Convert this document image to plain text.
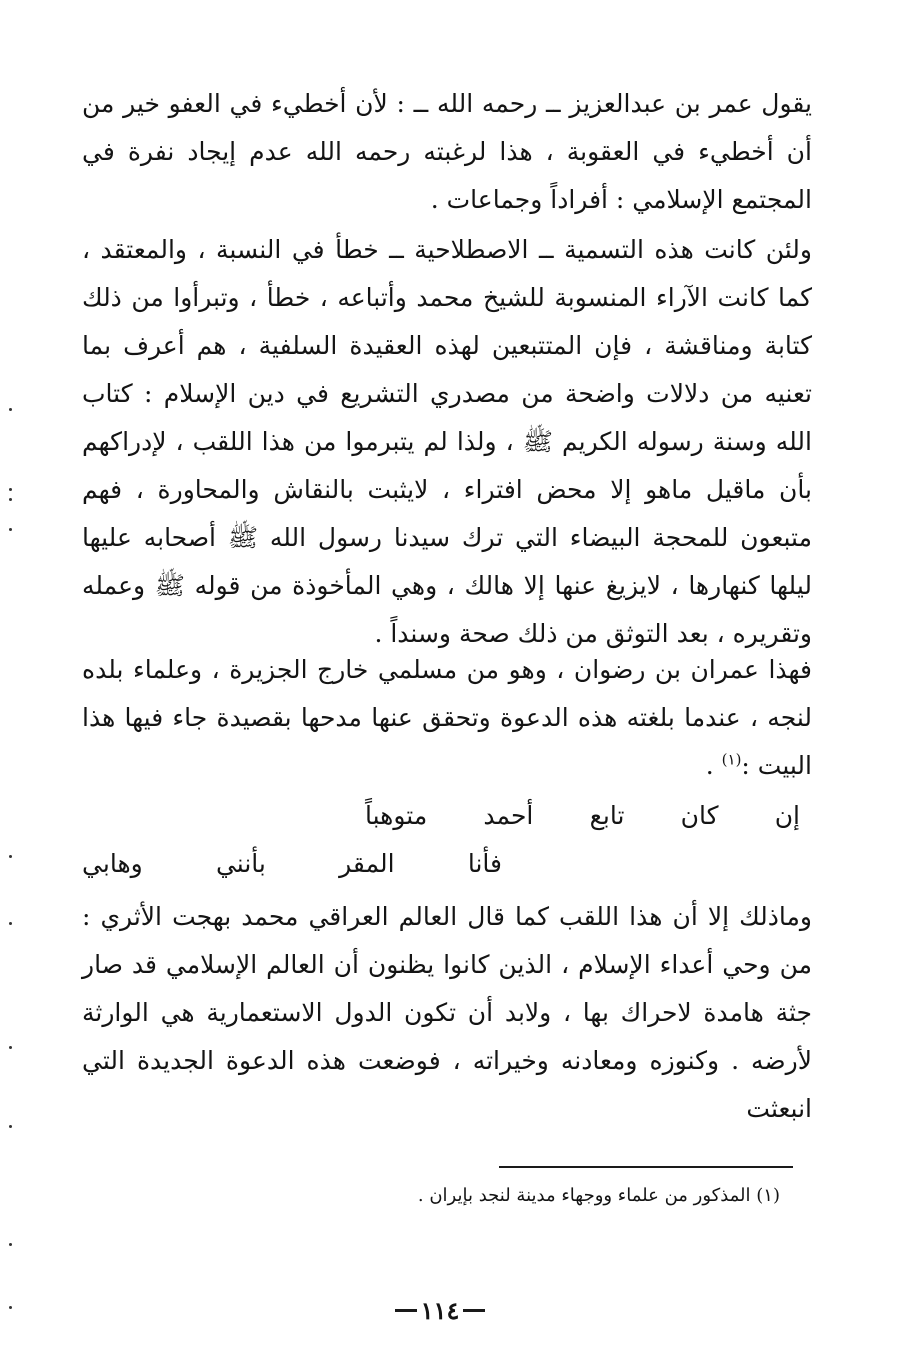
يقول عمر بن عبدالعزيز ــ رحمه الله ــ : لأن أخطيء في العفو خير من أن أخطيء في العقوبة ، هذا لرغبته رحمه الله عدم إيجاد نفرة في المجتمع الإسلامي : أفراداً وجماعات .
ولئن كانت هذه التسمية ــ الاصطلاحية ــ خطأ في النسبة ، والمعتقد ، كما كانت الآراء المنسوبة للشيخ محمد وأتباعه ، خطأ ، وتبرأوا من ذلك كتابة ومناقشة ، فإن المتتبعين لهذه العقيدة السلفية ، هم أعرف بما تعنيه من دلالات واضحة من مصدري التشريع في دين الإسلام : كتاب الله وسنة رسوله الكريم ﷺ ، ولذا لم يتبرموا من هذا اللقب ، لإدراكهم بأن ماقيل ماهو إلا محض افتراء ، لايثبت بالنقاش والمحاورة ، فهم متبعون للمحجة البيضاء التي ترك سيدنا رسول الله ﷺ أصحابه عليها ليلها كنهارها ، لايزيغ عنها إلا هالك ، وهي المأخوذة من قوله ﷺ وعمله وتقريره ، بعد التوثق من ذلك صحة وسنداً .
فهذا عمران بن رضوان ، وهو من مسلمي خارج الجزيرة ، وعلماء بلده لنجه ، عندما بلغته هذه الدعوة وتحقق عنها مدحها بقصيدة جاء فيها هذا البيت :$^{(١)}$ .
إن
كان
تابع
أحمد
متوهباً
فأنا
المقر
بأنني
وهابي
وماذلك إلا أن هذا اللقب كما قال العالم العراقي محمد بهجت الأثري : من وحي أعداء الإسلام ، الذين كانوا يظنون أن العالم الإسلامي قد صار جثة هامدة لاحراك بها ، ولابد أن تكون الدول الاستعمارية هي الوارثة لأرضه . وكنوزه ومعادنه وخيراته ، فوضعت هذه الدعوة الجديدة التي انبعثت
(١) المذكور من علماء ووجهاء مدينة لنجد بإيران .
١١٤
